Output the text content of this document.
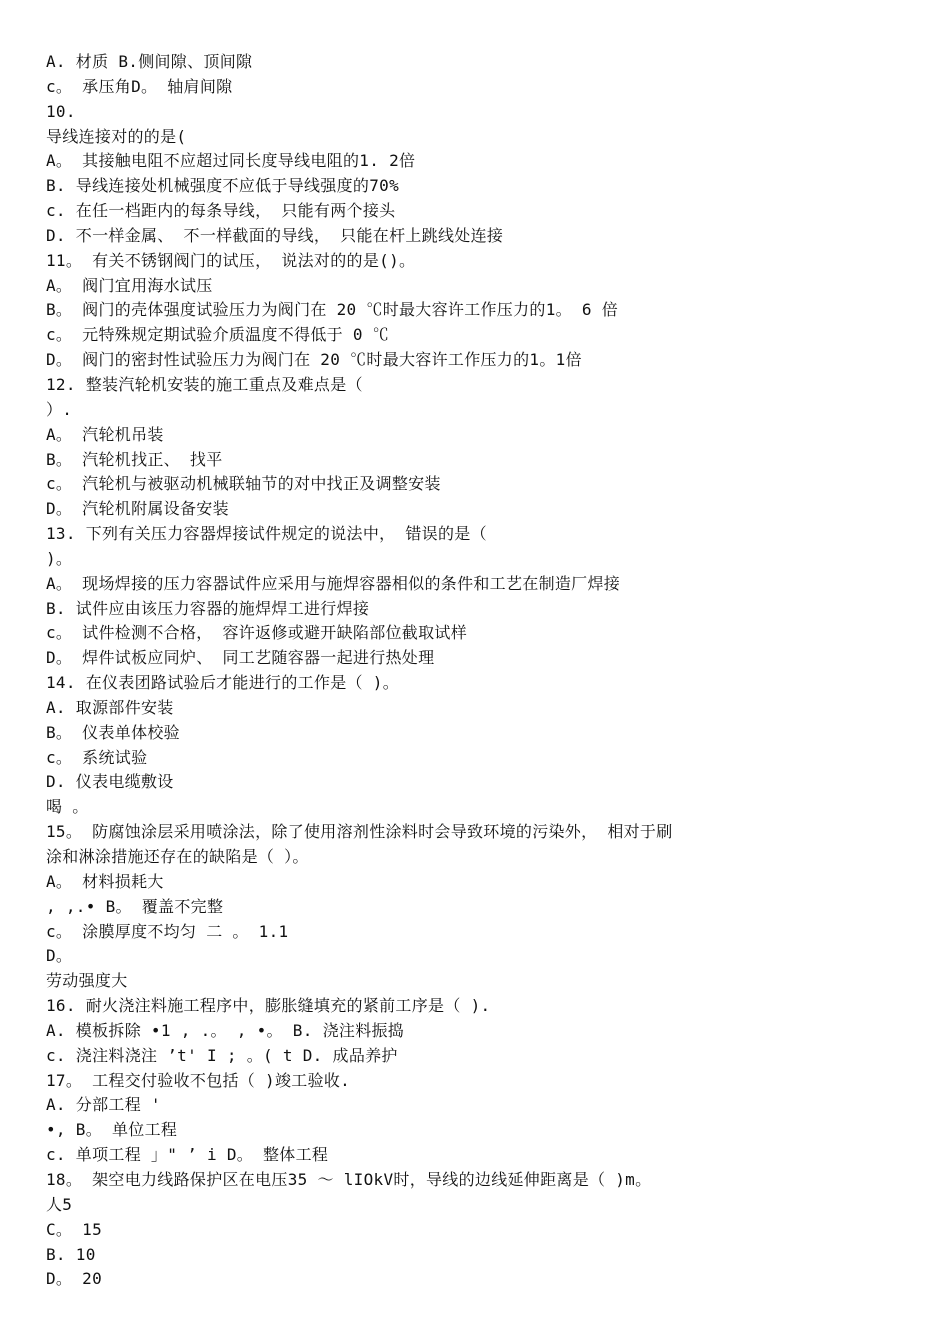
A. 材质 B.侧间隙、顶间隙
c。 承压角D。 轴肩间隙
10.
导线连接对的的是(
A。 其接触电阻不应超过同长度导线电阻的1. 2倍
B. 导线连接处机械强度不应低于导线强度的70%
c. 在任一档距内的每条导线， 只能有两个接头
D. 不一样金属、 不一样截面的导线， 只能在杆上跳线处连接
11。 有关不锈钢阀门的试压， 说法对的的是()。
A。 阀门宜用海水试压
B。 阀门的壳体强度试验压力为阀门在 20 ℃时最大容许工作压力的1。 6 倍
c。 元特殊规定期试验介质温度不得低于 0 ℃
D。 阀门的密封性试验压力为阀门在 20 ℃时最大容许工作压力的1。1倍
12. 整装汽轮机安装的施工重点及难点是（
）.
A。 汽轮机吊装
B。 汽轮机找正、 找平
c。 汽轮机与被驱动机械联轴节的对中找正及调整安装
D。 汽轮机附属设备安装
13. 下列有关压力容器焊接试件规定的说法中， 错误的是（
)。
A。 现场焊接的压力容器试件应采用与施焊容器相似的条件和工艺在制造厂焊接
B. 试件应由该压力容器的施焊焊工进行焊接
c。 试件检测不合格， 容许返修或避开缺陷部位截取试样
D。 焊件试板应同炉、 同工艺随容器一起进行热处理
14. 在仪表团路试验后才能进行的工作是（ )。
A. 取源部件安装
B。 仪表单体校验
c。 系统试验
D. 仪表电缆敷设
喝 。
15。 防腐蚀涂层采用喷涂法，除了使用溶剂性涂料时会导致环境的污染外， 相对于刷
涂和淋涂措施还存在的缺陷是（ ）。
A。 材料损耗大
, ,.• B。 覆盖不完整
c。 涂膜厚度不均匀 二 。 1.1
D。
劳动强度大
16. 耐火浇注料施工程序中，膨胀缝填充的紧前工序是（ ).
A. 模板拆除 •1 , .。 , •。 B. 浇注料振捣
c. 浇注料浇注 ’t' I ; 。( t D. 成品养护
17。 工程交付验收不包括（ )竣工验收.
A. 分部工程 '
•, B。 单位工程
c. 单项工程 」" ’ i D。 整体工程
18。 架空电力线路保护区在电压35 ～ lIOkV时，导线的边线延伸距离是（ )m。
人5
C。 15
B. 10
D。 20
